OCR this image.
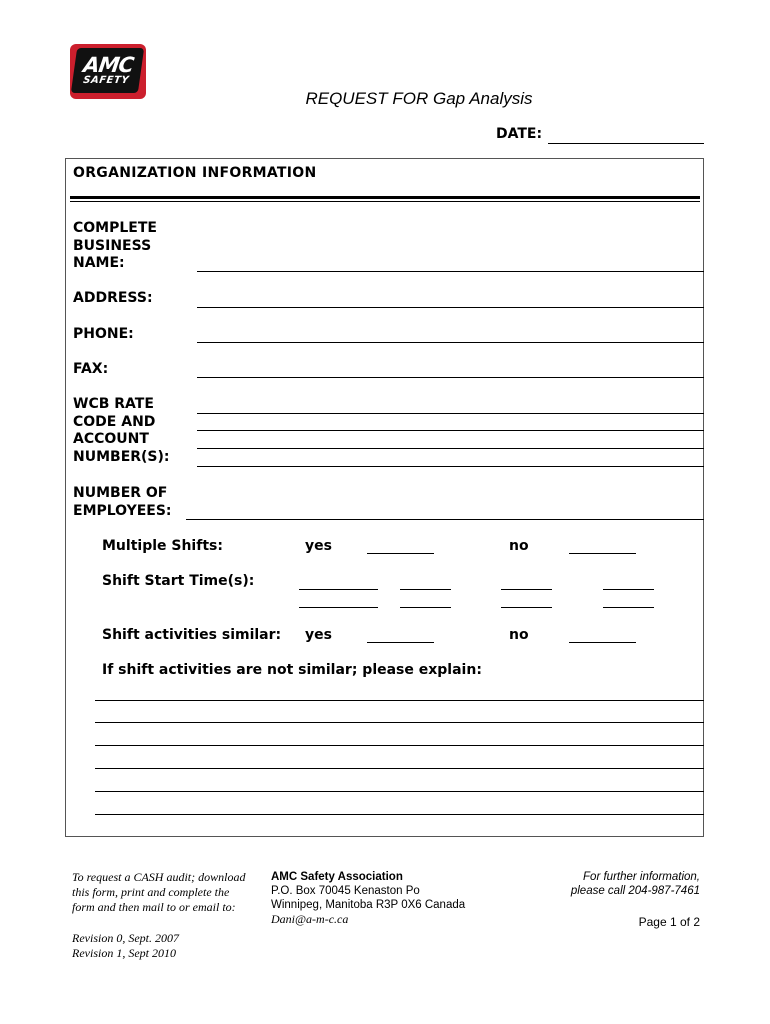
AMC
SAFETY
REQUEST FOR Gap Analysis
DATE:
ORGANIZATION INFORMATION
COMPLETE
BUSINESS
NAME:
ADDRESS:
PHONE:
FAX:
WCB RATE
CODE AND
ACCOUNT
NUMBER(S):
NUMBER OF
EMPLOYEES:
Multiple Shifts:	yes	no
Shift Start Time(s):
Shift activities similar: yes	no
If shift activities are not similar; please explain:
To request a CASH audit; download
this form, print and complete the
form and then mail to or email to:
Revision 0, Sept. 2007
Revision 1, Sept 2010
AMC Safety Association
P.O. Box 70045 Kenaston Po
Winnipeg, Manitoba R3P 0X6 Canada
Dani@a-m-c.ca
For further information,
please call 204-987-7461
Page 1 of 2
